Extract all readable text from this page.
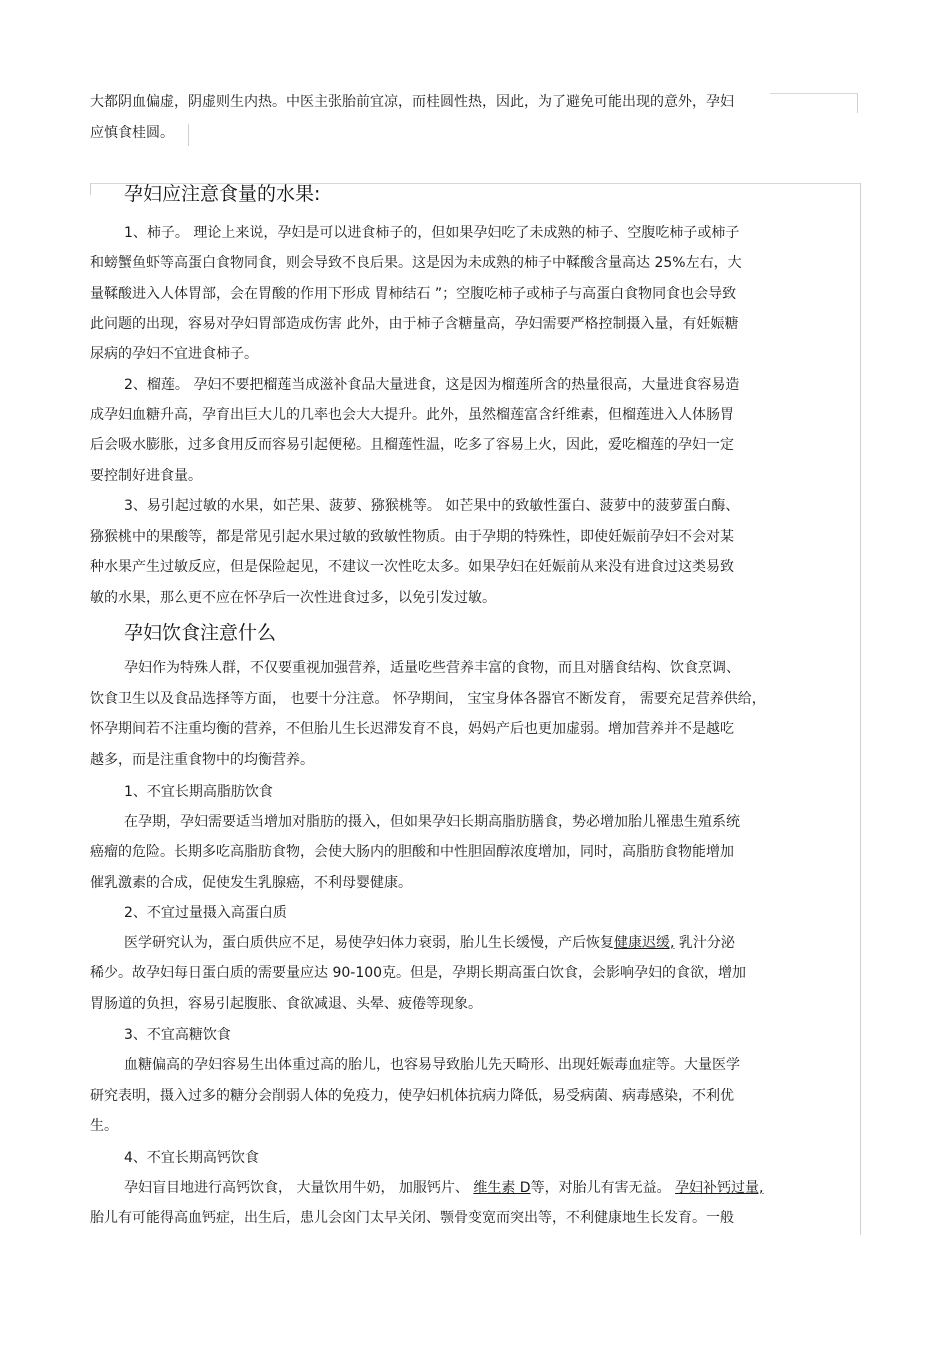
大都阴血偏虚，阴虚则生内热。中医主张胎前宜凉，而桂圆性热，因此，为了避免可能出现的意外，孕妇
应慎食桂圆。
孕妇应注意食量的水果:
1、柿子。 理论上来说，孕妇是可以进食柿子的，但如果孕妇吃了未成熟的柿子、空腹吃柿子或柿子
和螃蟹鱼虾等高蛋白食物同食，则会导致不良后果。这是因为未成熟的柿子中鞣酸含量高达 25%左右，大
量鞣酸进入人体胃部，会在胃酸的作用下形成 胃柿结石 ”；空腹吃柿子或柿子与高蛋白食物同食也会导致
此问题的出现，容易对孕妇胃部造成伤害 此外，由于柿子含糖量高，孕妇需要严格控制摄入量，有妊娠糖
尿病的孕妇不宜进食柿子。
2、榴莲。 孕妇不要把榴莲当成滋补食品大量进食，这是因为榴莲所含的热量很高，大量进食容易造
成孕妇血糖升高，孕育出巨大儿的几率也会大大提升。此外，虽然榴莲富含纤维素，但榴莲进入人体肠胃
后会吸水膨胀，过多食用反而容易引起便秘。且榴莲性温，吃多了容易上火，因此，爱吃榴莲的孕妇一定
要控制好进食量。
3、易引起过敏的水果，如芒果、菠萝、猕猴桃等。 如芒果中的致敏性蛋白、菠萝中的菠萝蛋白酶、
猕猴桃中的果酸等，都是常见引起水果过敏的致敏性物质。由于孕期的特殊性，即使妊娠前孕妇不会对某
种水果产生过敏反应，但是保险起见，不建议一次性吃太多。如果孕妇在妊娠前从来没有进食过这类易致
敏的水果，那么更不应在怀孕后一次性进食过多，以免引发过敏。
孕妇饮食注意什么
孕妇作为特殊人群，不仅要重视加强营养，适量吃些营养丰富的食物，而且对膳食结构、饮食烹调、
饮食卫生以及食品选择等方面， 也要十分注意。 怀孕期间， 宝宝身体各器官不断发育， 需要充足营养供给，
怀孕期间若不注重均衡的营养，不但胎儿生长迟滞发育不良，妈妈产后也更加虚弱。增加营养并不是越吃
越多，而是注重食物中的均衡营养。
1、不宜长期高脂肪饮食
在孕期，孕妇需要适当增加对脂肪的摄入，但如果孕妇长期高脂肪膳食，势必增加胎儿罹患生殖系统
癌瘤的危险。长期多吃高脂肪食物，会使大肠内的胆酸和中性胆固醇浓度增加，同时，高脂肪食物能增加
催乳激素的合成，促使发生乳腺癌，不利母婴健康。
2、不宜过量摄入高蛋白质
医学研究认为，蛋白质供应不足，易使孕妇体力衰弱，胎儿生长缓慢，产后恢复健康迟缓, 乳汁分泌
稀少。故孕妇每日蛋白质的需要量应达 90-100克。但是，孕期长期高蛋白饮食，会影响孕妇的食欲，增加
胃肠道的负担，容易引起腹胀、食欲减退、头晕、疲倦等现象。
3、不宜高糖饮食
血糖偏高的孕妇容易生出体重过高的胎儿，也容易导致胎儿先天畸形、出现妊娠毒血症等。大量医学
研究表明，摄入过多的糖分会削弱人体的免疫力，使孕妇机体抗病力降低，易受病菌、病毒感染，不利优
生。
4、不宜长期高钙饮食
孕妇盲目地进行高钙饮食， 大量饮用牛奶， 加服钙片、 维生素 D等，对胎儿有害无益。 孕妇补钙过量,
胎儿有可能得高血钙症，出生后，患儿会囟门太早关闭、颚骨变宽而突出等，不利健康地生长发育。一般
